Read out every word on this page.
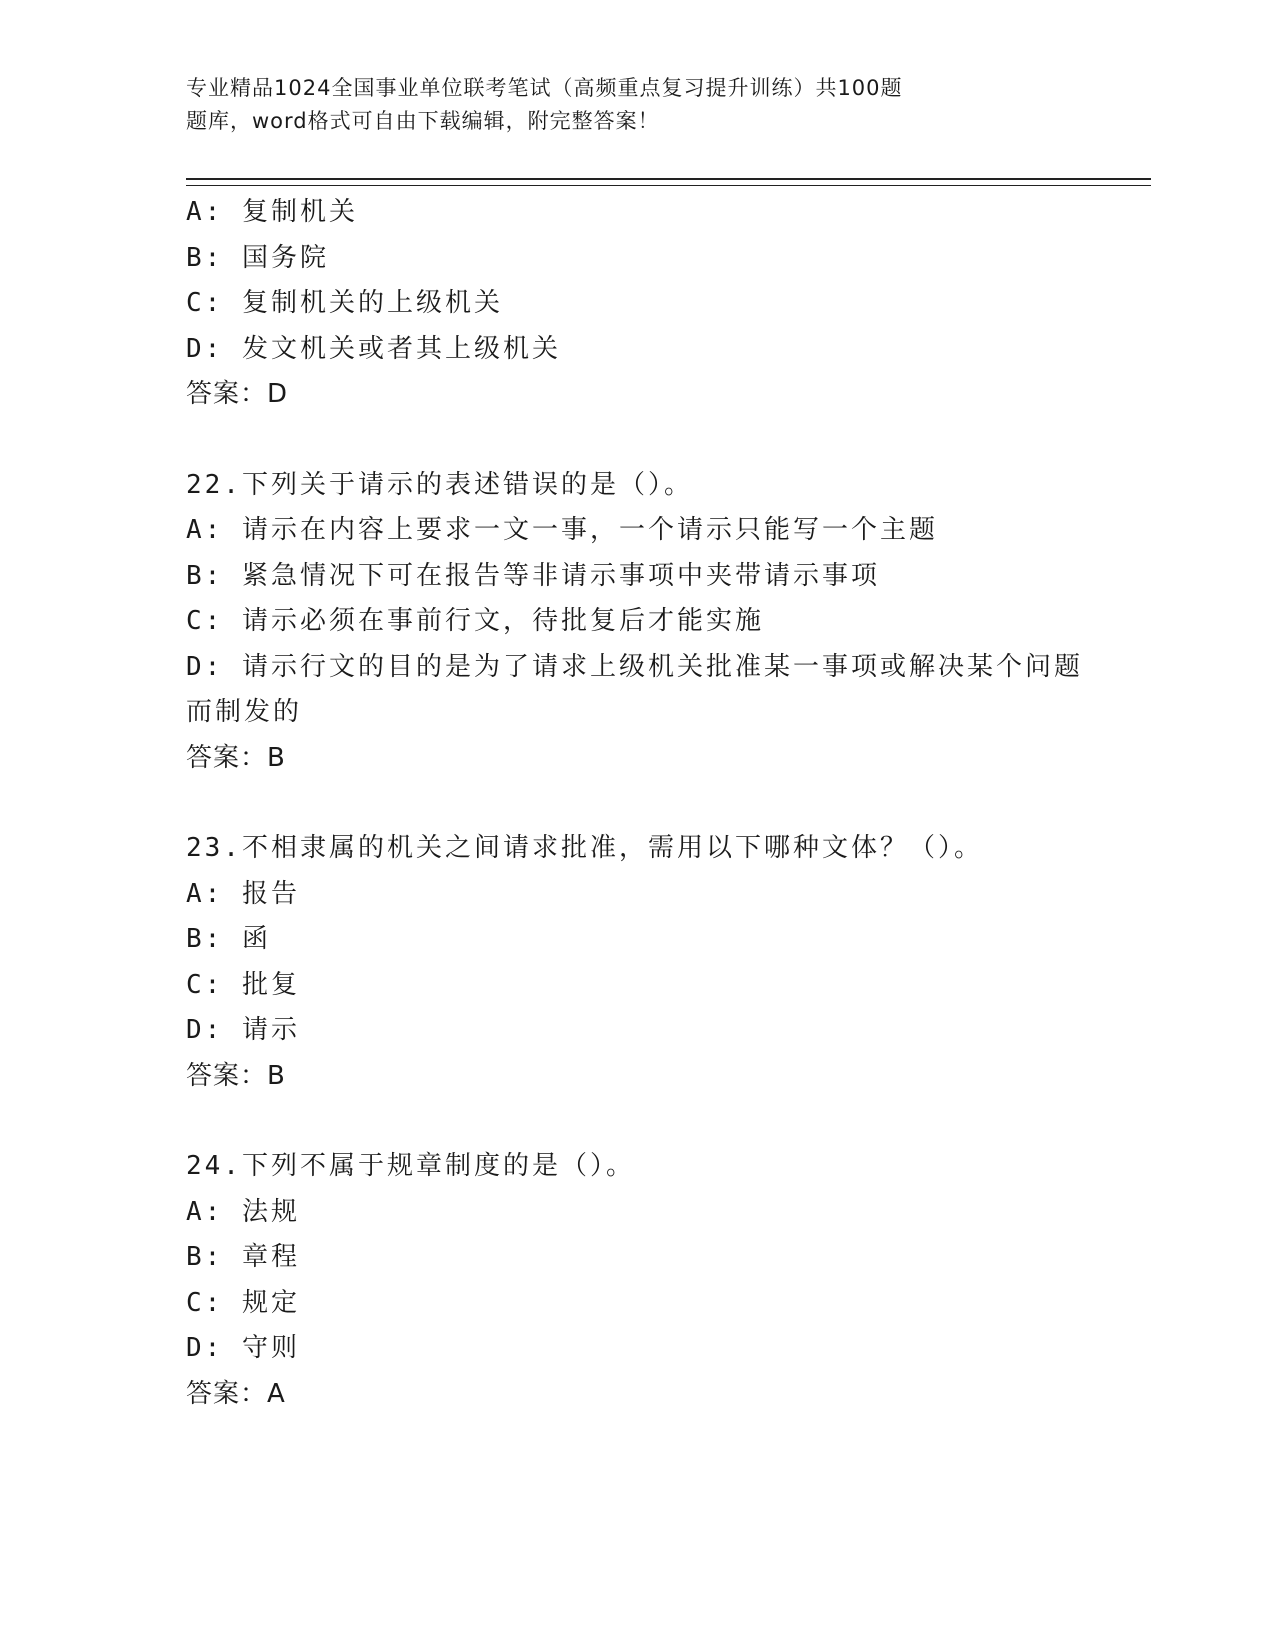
专业精品1024全国事业单位联考笔试（高频重点复习提升训练）共100题
题库，word格式可自由下载编辑，附完整答案！
A: 复制机关
B: 国务院
C: 复制机关的上级机关
D: 发文机关或者其上级机关
答案：D
22.下列关于请示的表述错误的是（）。
A: 请示在内容上要求一文一事，一个请示只能写一个主题
B: 紧急情况下可在报告等非请示事项中夹带请示事项
C: 请示必须在事前行文，待批复后才能实施
D: 请示行文的目的是为了请求上级机关批准某一事项或解决某个问题
而制发的
答案：B
23.不相隶属的机关之间请求批准，需用以下哪种文体？（）。
A: 报告
B: 函
C: 批复
D: 请示
答案：B
24.下列不属于规章制度的是（）。
A: 法规
B: 章程
C: 规定
D: 守则
答案：A
